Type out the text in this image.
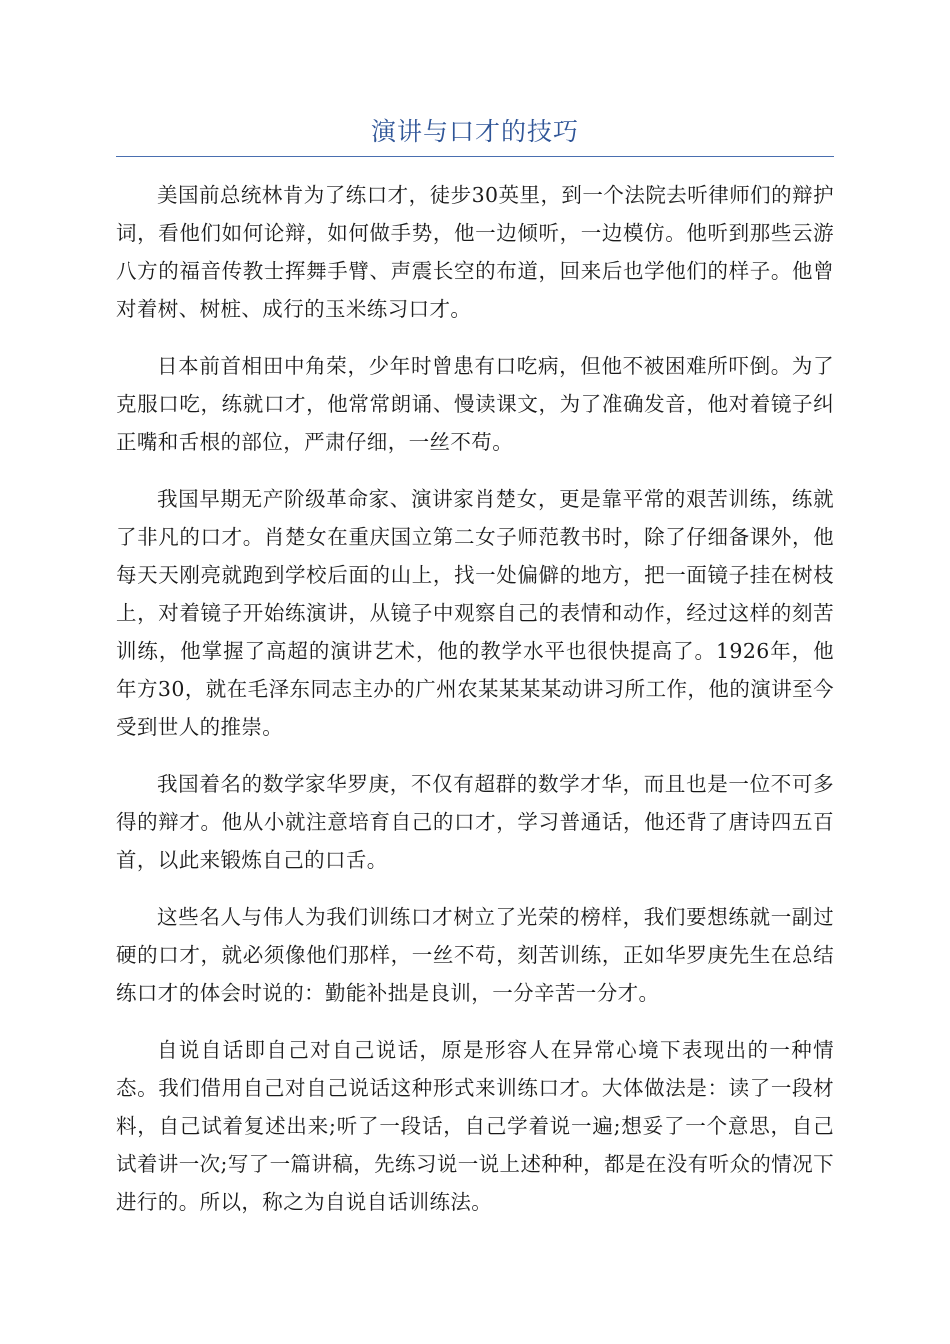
演讲与口才的技巧

美国前总统林肯为了练口才，徒步30英里，到一个法院去听律师们的辩护词，看他们如何论辩，如何做手势，他一边倾听，一边模仿。他听到那些云游八方的福音传教士挥舞手臂、声震长空的布道，回来后也学他们的样子。他曾对着树、树桩、成行的玉米练习口才。

日本前首相田中角荣，少年时曾患有口吃病，但他不被困难所吓倒。为了克服口吃，练就口才，他常常朗诵、慢读课文，为了准确发音，他对着镜子纠正嘴和舌根的部位，严肃仔细，一丝不苟。

我国早期无产阶级革命家、演讲家肖楚女，更是靠平常的艰苦训练，练就了非凡的口才。肖楚女在重庆国立第二女子师范教书时，除了仔细备课外，他每天天刚亮就跑到学校后面的山上，找一处偏僻的地方，把一面镜子挂在树枝上，对着镜子开始练演讲，从镜子中观察自己的表情和动作，经过这样的刻苦训练，他掌握了高超的演讲艺术，他的教学水平也很快提高了。1926年，他年方30，就在毛泽东同志主办的广州农某某某某动讲习所工作，他的演讲至今受到世人的推崇。

我国着名的数学家华罗庚，不仅有超群的数学才华，而且也是一位不可多得的辩才。他从小就注意培育自己的口才，学习普通话，他还背了唐诗四五百首，以此来锻炼自己的口舌。

这些名人与伟人为我们训练口才树立了光荣的榜样，我们要想练就一副过硬的口才，就必须像他们那样，一丝不苟，刻苦训练，正如华罗庚先生在总结练口才的体会时说的：勤能补拙是良训，一分辛苦一分才。

自说自话即自己对自己说话，原是形容人在异常心境下表现出的一种情态。我们借用自己对自己说话这种形式来训练口才。大体做法是：读了一段材料，自己试着复述出来;听了一段话，自己学着说一遍;想妥了一个意思，自己试着讲一次;写了一篇讲稿，先练习说一说上述种种，都是在没有听众的情况下进行的。所以，称之为自说自话训练法。
